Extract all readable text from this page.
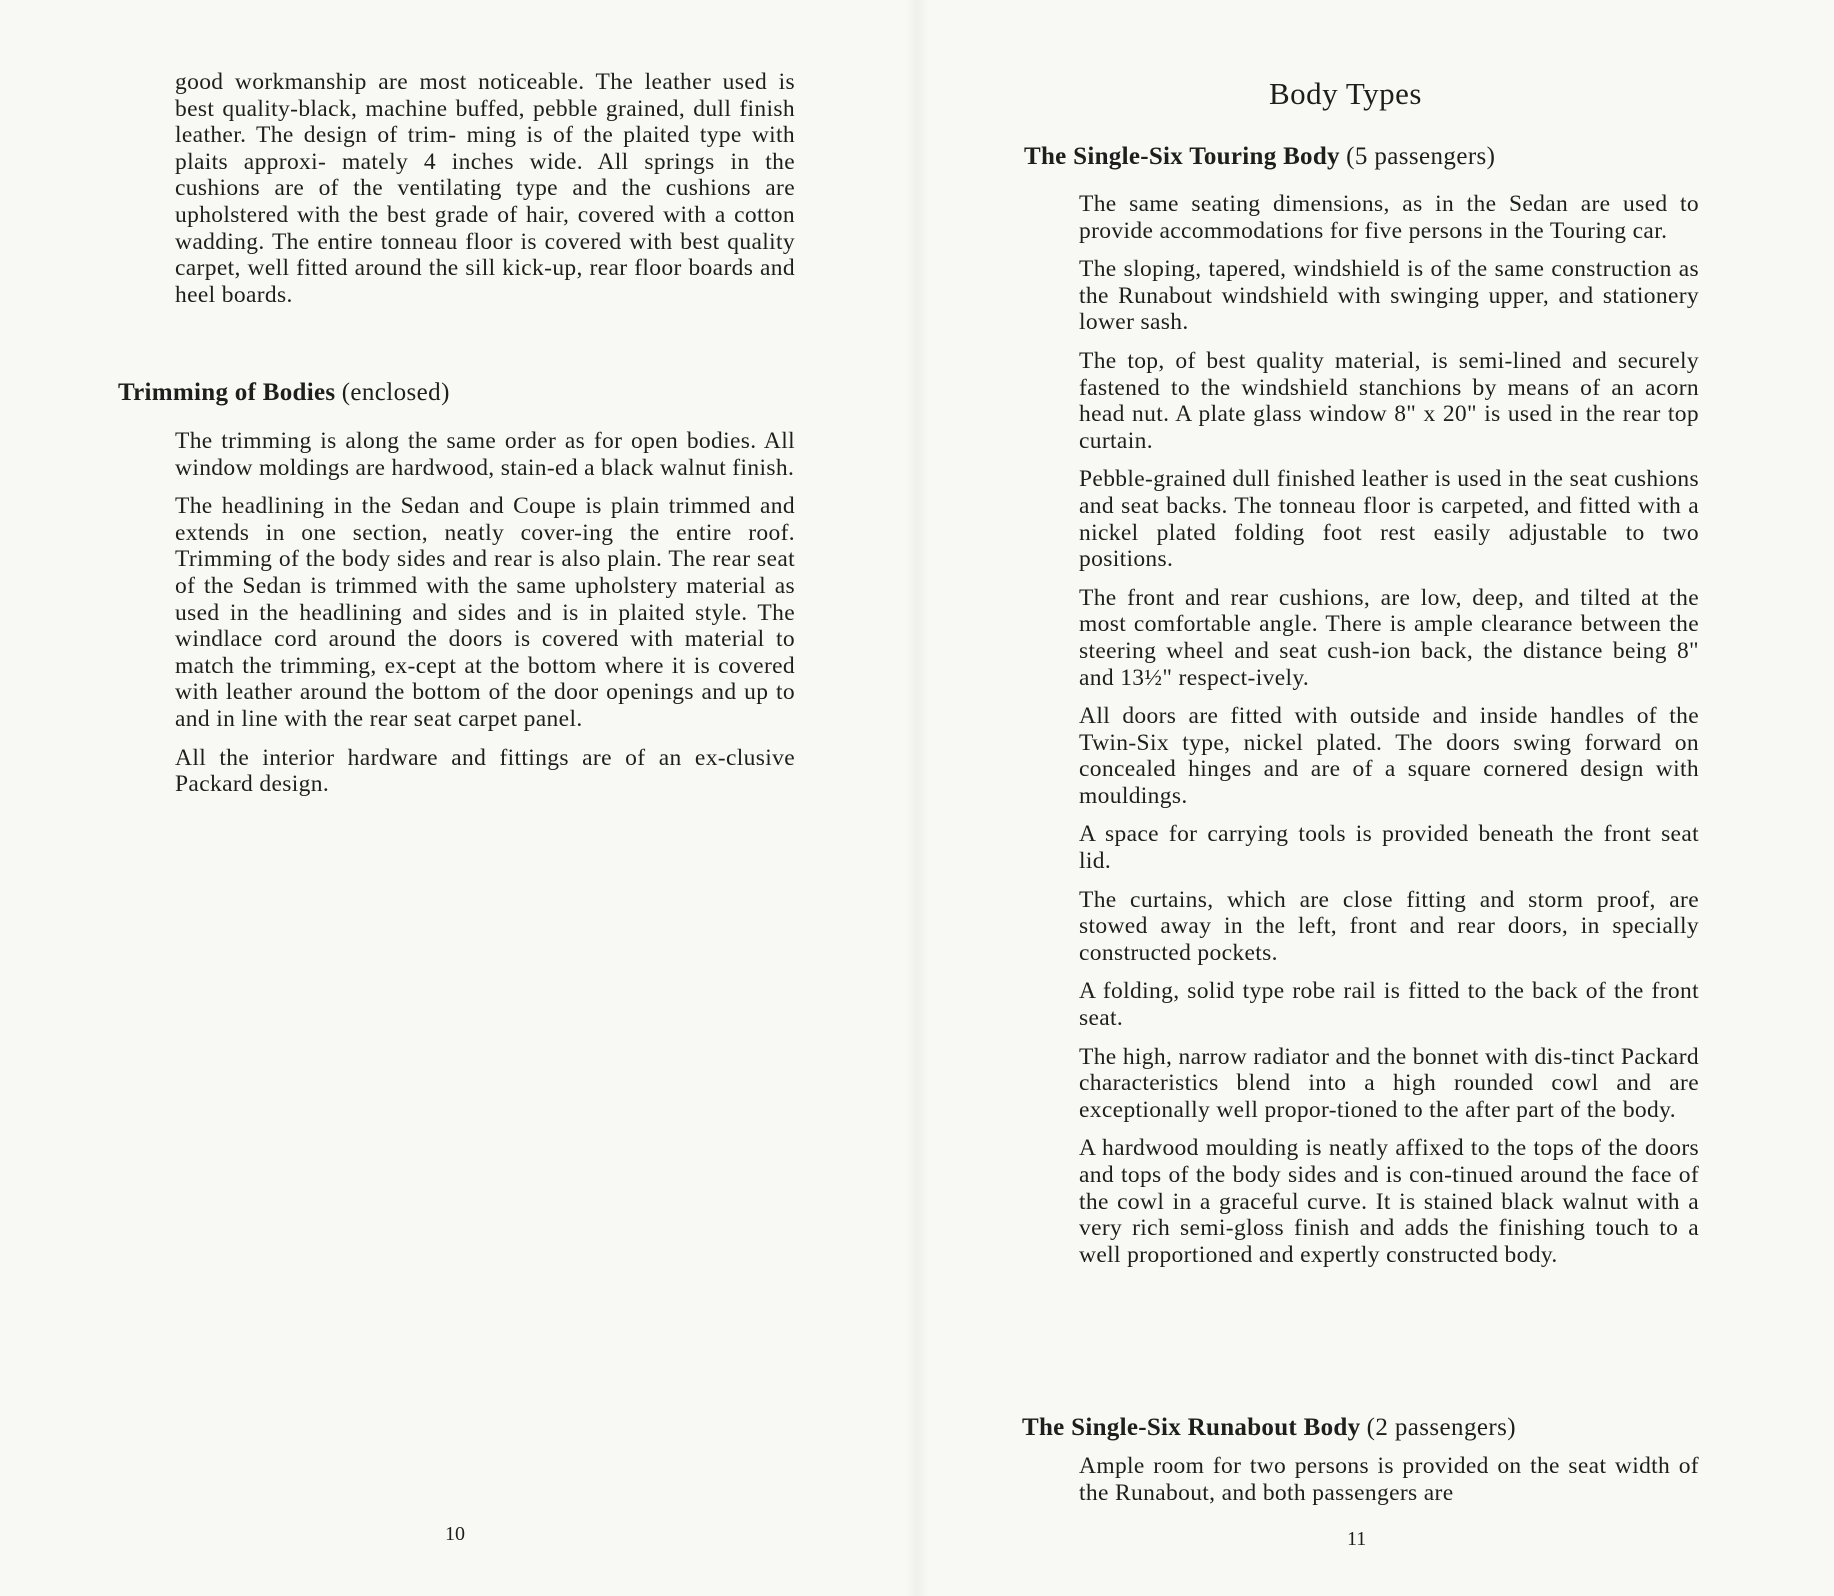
good workmanship are most noticeable. The leather used is best quality-black, machine buffed, pebble grained, dull finish leather. The design of trim- ming is of the plaited type with plaits approxi- mately 4 inches wide. All springs in the cushions are of the ventilating type and the cushions are upholstered with the best grade of hair, covered with a cotton wadding. The entire tonneau floor is covered with best quality carpet, well fitted around the sill kick-up, rear floor boards and heel boards.

Trimming of Bodies (enclosed)

The trimming is along the same order as for open bodies. All window moldings are hardwood, stain-ed a black walnut finish.

The headlining in the Sedan and Coupe is plain trimmed and extends in one section, neatly cover-ing the entire roof. Trimming of the body sides and rear is also plain. The rear seat of the Sedan is trimmed with the same upholstery material as used in the headlining and sides and is in plaited style. The windlace cord around the doors is covered with material to match the trimming, ex-cept at the bottom where it is covered with leather around the bottom of the door openings and up to and in line with the rear seat carpet panel.

All the interior hardware and fittings are of an ex-clusive Packard design.

10
Body Types
The Single-Six Touring Body (5 passengers)

The same seating dimensions, as in the Sedan are used to provide accommodations for five persons in the Touring car.

The sloping, tapered, windshield is of the same construction as the Runabout windshield with swinging upper, and stationery lower sash.

The top, of best quality material, is semi-lined and securely fastened to the windshield stanchions by means of an acorn head nut. A plate glass window 8" x 20" is used in the rear top curtain.

Pebble-grained dull finished leather is used in the seat cushions and seat backs. The tonneau floor is carpeted, and fitted with a nickel plated folding foot rest easily adjustable to two positions.

The front and rear cushions, are low, deep, and tilted at the most comfortable angle. There is ample clearance between the steering wheel and seat cush-ion back, the distance being 8" and 13½" respect-ively.

All doors are fitted with outside and inside handles of the Twin-Six type, nickel plated. The doors swing forward on concealed hinges and are of a square cornered design with mouldings.

A space for carrying tools is provided beneath the front seat lid.

The curtains, which are close fitting and storm proof, are stowed away in the left, front and rear doors, in specially constructed pockets.

A folding, solid type robe rail is fitted to the back of the front seat.

The high, narrow radiator and the bonnet with dis-tinct Packard characteristics blend into a high rounded cowl and are exceptionally well propor-tioned to the after part of the body.

A hardwood moulding is neatly affixed to the tops of the doors and tops of the body sides and is con-tinued around the face of the cowl in a graceful curve. It is stained black walnut with a very rich semi-gloss finish and adds the finishing touch to a well proportioned and expertly constructed body.

The Single-Six Runabout Body (2 passengers)

Ample room for two persons is provided on the seat width of the Runabout, and both passengers are

11
